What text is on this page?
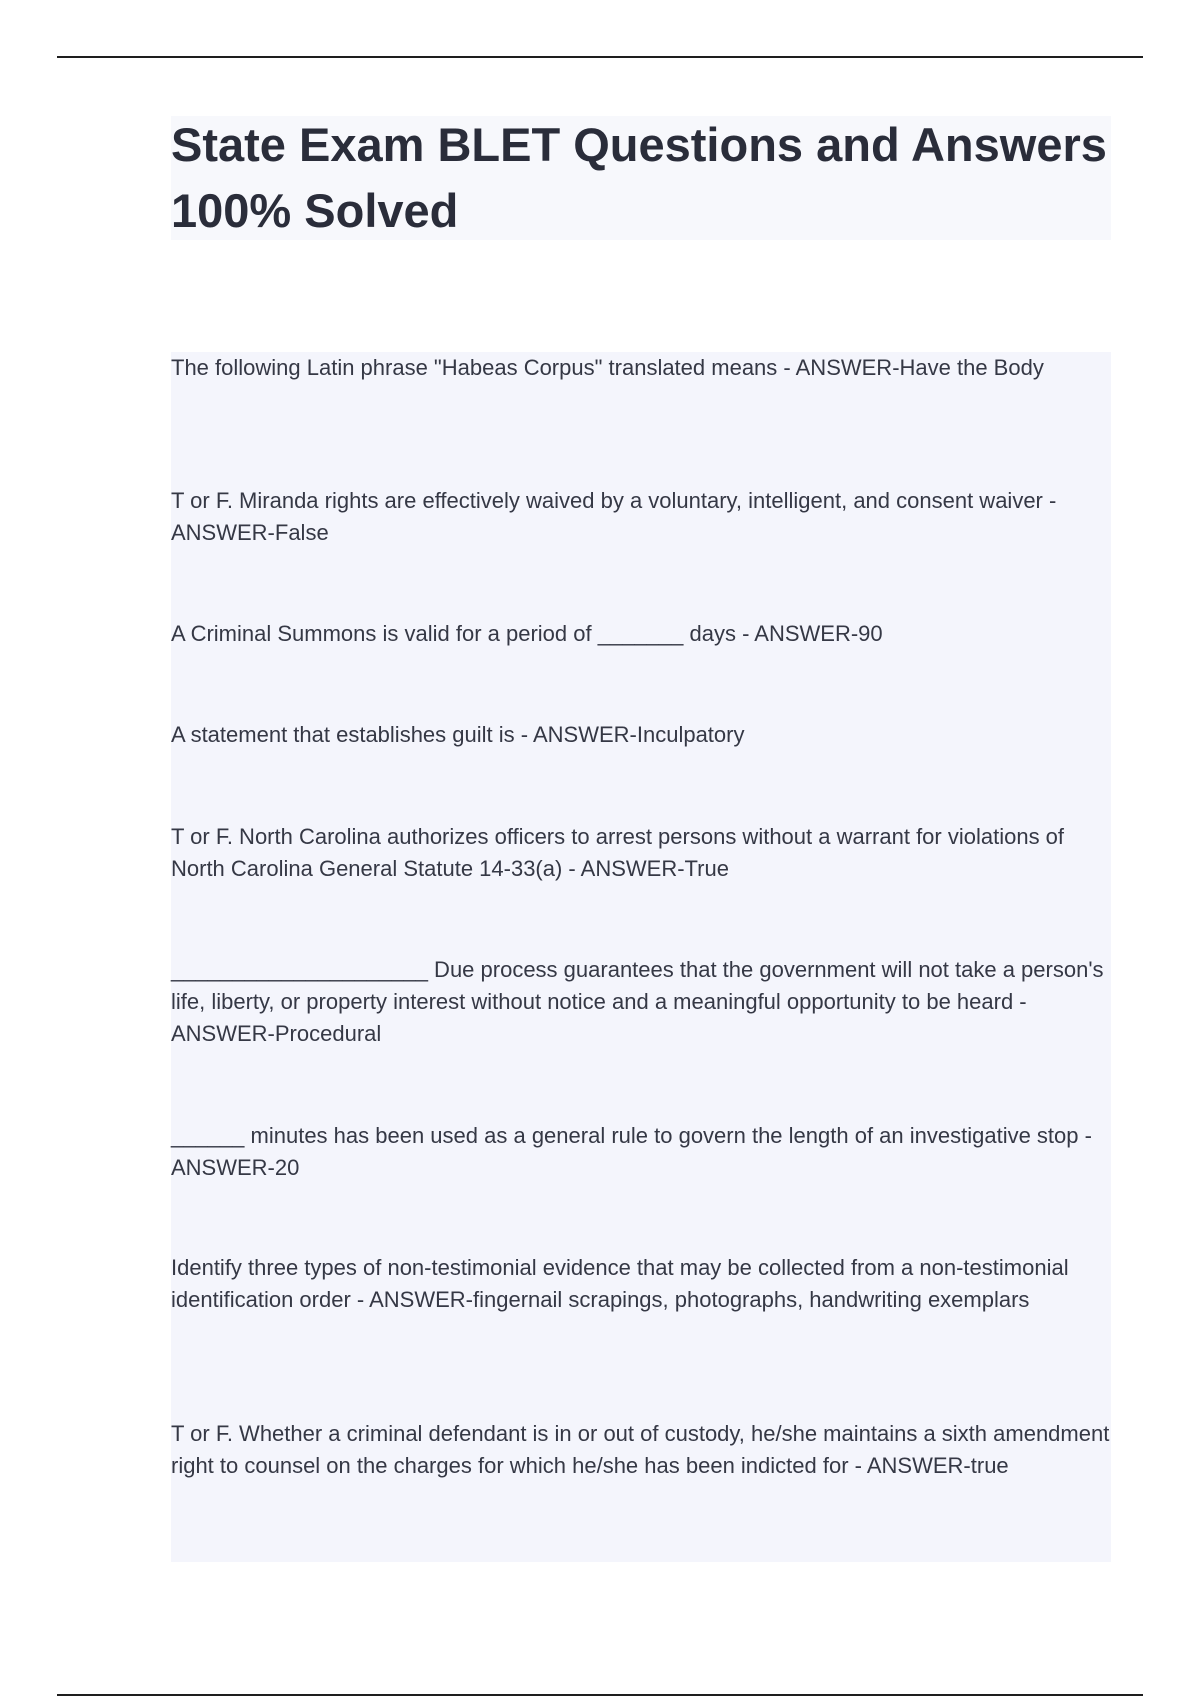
State Exam BLET Questions and Answers 100% Solved

The following Latin phrase "Habeas Corpus" translated means - ANSWER-Have the Body

T or F. Miranda rights are effectively waived by a voluntary, intelligent, and consent waiver - ANSWER-False

A Criminal Summons is valid for a period of _______ days - ANSWER-90

A statement that establishes guilt is - ANSWER-Inculpatory

T or F. North Carolina authorizes officers to arrest persons without a warrant for violations of North Carolina General Statute 14-33(a) - ANSWER-True

_____________________ Due process guarantees that the government will not take a person's life, liberty, or property interest without notice and a meaningful opportunity to be heard - ANSWER-Procedural

______ minutes has been used as a general rule to govern the length of an investigative stop - ANSWER-20

Identify three types of non-testimonial evidence that may be collected from a non-testimonial identification order - ANSWER-fingernail scrapings, photographs, handwriting exemplars

T or F. Whether a criminal defendant is in or out of custody, he/she maintains a sixth amendment right to counsel on the charges for which he/she has been indicted for - ANSWER-true
